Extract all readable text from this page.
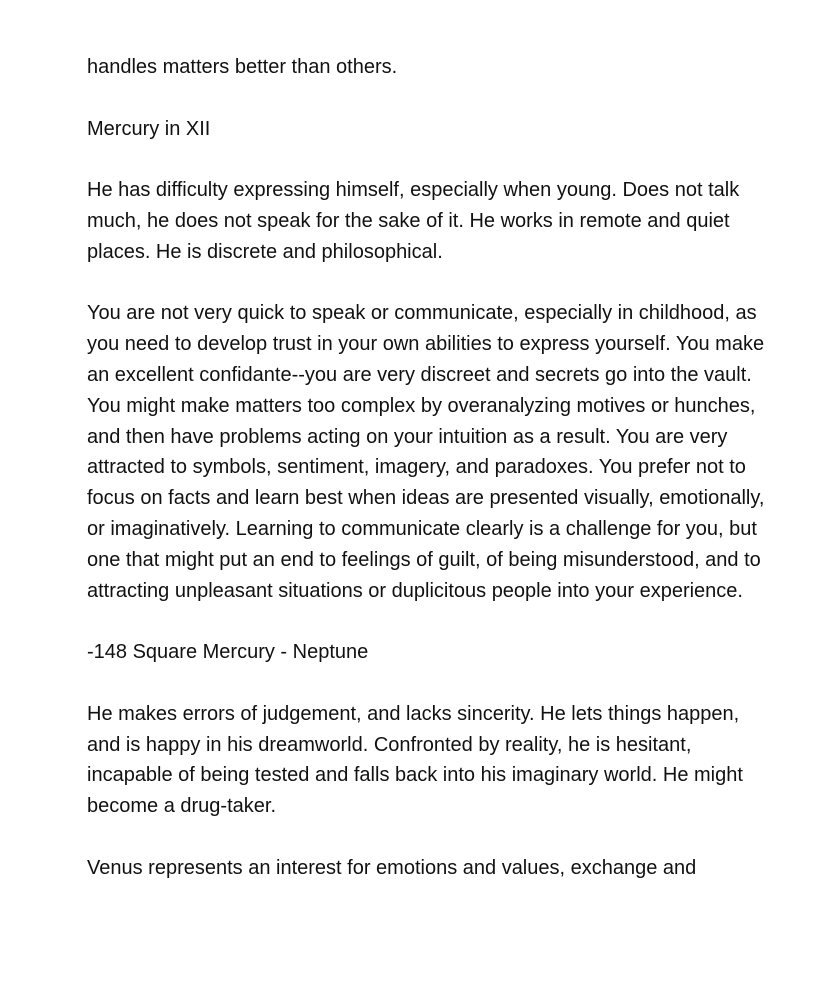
handles matters better than others.

Mercury in XII

He has difficulty expressing himself, especially when young. Does not talk much, he does not speak for the sake of it. He works in remote and quiet places. He is discrete and philosophical.

You are not very quick to speak or communicate, especially in childhood, as you need to develop trust in your own abilities to express yourself. You make an excellent confidante--you are very discreet and secrets go into the vault. You might make matters too complex by overanalyzing motives or hunches, and then have problems acting on your intuition as a result. You are very attracted to symbols, sentiment, imagery, and paradoxes. You prefer not to focus on facts and learn best when ideas are presented visually, emotionally, or imaginatively. Learning to communicate clearly is a challenge for you, but one that might put an end to feelings of guilt, of being misunderstood, and to attracting unpleasant situations or duplicitous people into your experience.

-148 Square Mercury - Neptune

He makes errors of judgement, and lacks sincerity. He lets things happen, and is happy in his dreamworld. Confronted by reality, he is hesitant, incapable of being tested and falls back into his imaginary world. He might become a drug-taker.

Venus represents an interest for emotions and values, exchange and
